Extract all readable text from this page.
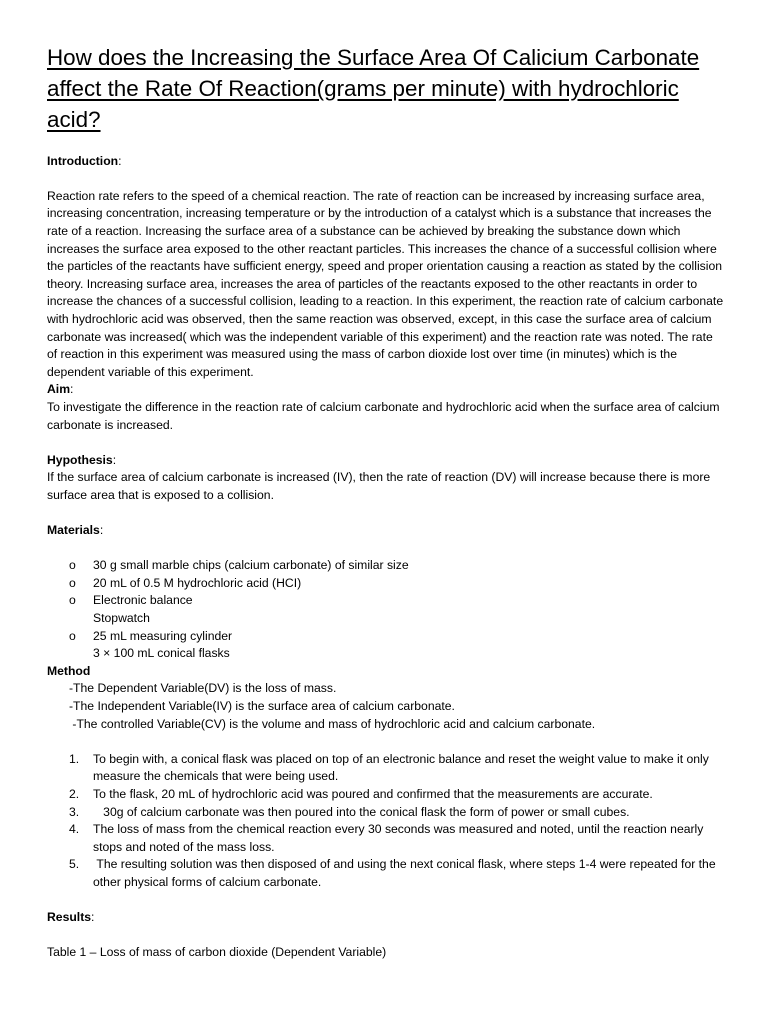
How does the Increasing the Surface Area Of Calicium Carbonate affect the Rate Of Reaction(grams per minute) with hydrochloric acid?

Introduction:

Reaction rate refers to the speed of a chemical reaction. The rate of reaction can be increased by increasing surface area, increasing concentration, increasing temperature or by the introduction of a catalyst which is a substance that increases the rate of a reaction. Increasing the surface area of a substance can be achieved by breaking the substance down which increases the surface area exposed to the other reactant particles. This increases the chance of a successful collision where the particles of the reactants have sufficient energy, speed and proper orientation causing a reaction as stated by the collision theory. Increasing surface area, increases the area of particles of the reactants exposed to the other reactants in order to increase the chances of a successful collision, leading to a reaction. In this experiment, the reaction rate of calcium carbonate with hydrochloric acid was observed, then the same reaction was observed, except, in this case the surface area of calcium carbonate was increased( which was the independent variable of this experiment) and the reaction rate was noted. The rate of reaction in this experiment was measured using the mass of carbon dioxide lost over time (in minutes) which is the dependent variable of this experiment.

Aim:

To investigate the difference in the reaction rate of calcium carbonate and hydrochloric acid when the surface area of calcium carbonate is increased.

Hypothesis:

If the surface area of calcium carbonate is increased (IV), then the rate of reaction (DV) will increase because there is more surface area that is exposed to a collision.

Materials:

o 30 g small marble chips (calcium carbonate) of similar size
o 20 mL of 0.5 M hydrochloric acid (HCI)
o Electronic balance
Stopwatch
o 25 mL measuring cylinder
3 × 100 mL conical flasks

Method

-The Dependent Variable(DV) is the loss of mass.

-The Independent Variable(IV) is the surface area of calcium carbonate.

-The controlled Variable(CV) is the volume and mass of hydrochloric acid and calcium carbonate.

1. To begin with, a conical flask was placed on top of an electronic balance and reset the weight value to make it only measure the chemicals that were being used.
2. To the flask, 20 mL of hydrochloric acid was poured and confirmed that the measurements are accurate.
3. 30g of calcium carbonate was then poured into the conical flask the form of power or small cubes.
4. The loss of mass from the chemical reaction every 30 seconds was measured and noted, until the reaction nearly stops and noted of the mass loss.
5. The resulting solution was then disposed of and using the next conical flask, where steps 1-4 were repeated for the other physical forms of calcium carbonate.

Results:

Table 1 – Loss of mass of carbon dioxide (Dependent Variable)
